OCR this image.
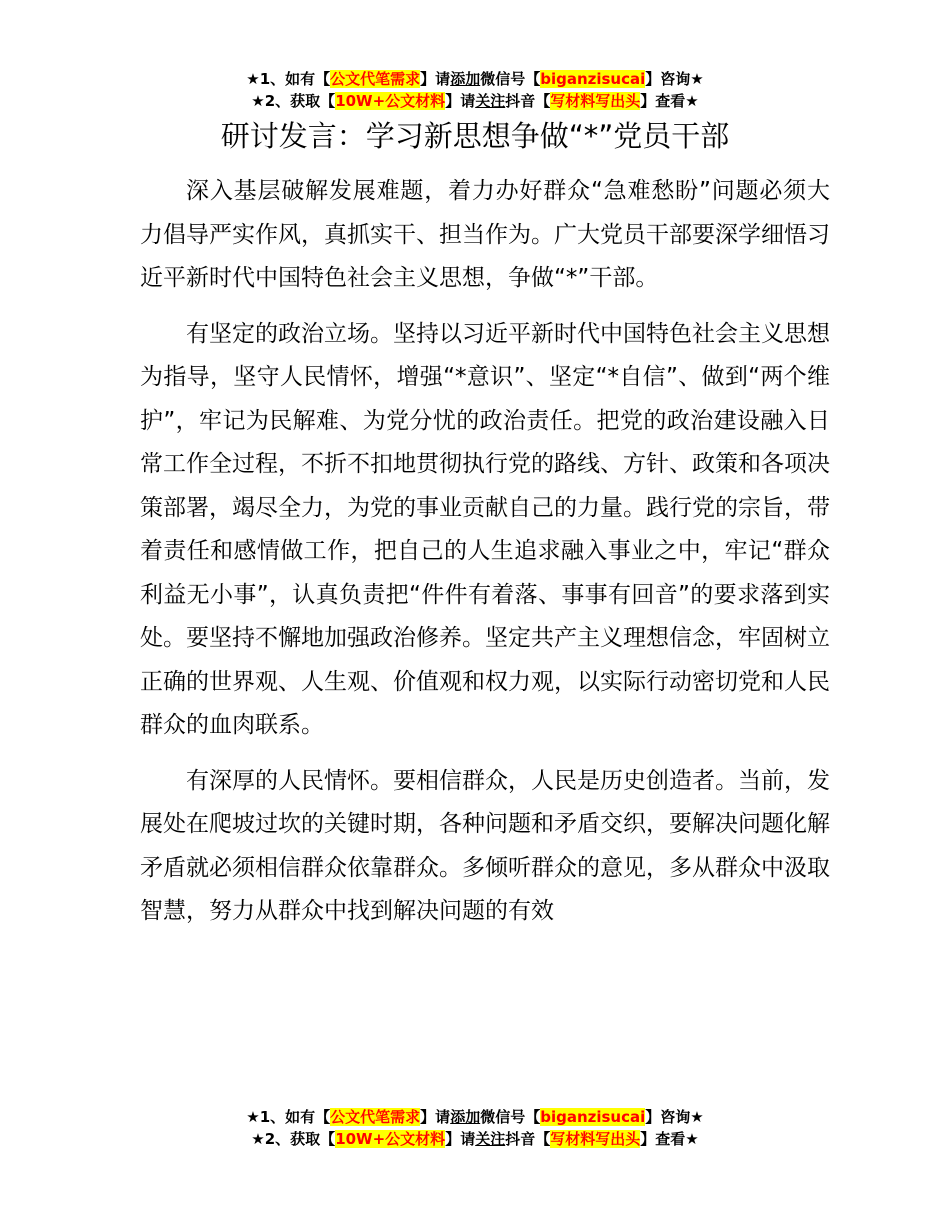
★1、如有【公文代笔需求】请添加微信号【biganzisucai】咨询★
★2、获取【10W+公文材料】请关注抖音【写材料写出头】查看★
研讨发言：学习新思想争做“*”党员干部

深入基层破解发展难题，着力办好群众“急难愁盼”问题必须大力倡导严实作风，真抓实干、担当作为。广大党员干部要深学细悟习近平新时代中国特色社会主义思想，争做“*”干部。

有坚定的政治立场。坚持以习近平新时代中国特色社会主义思想为指导，坚守人民情怀，增强“*意识”、坚定“*自信”、做到“两个维护”，牢记为民解难、为党分忧的政治责任。把党的政治建设融入日常工作全过程，不折不扣地贯彻执行党的路线、方针、政策和各项决策部署，竭尽全力，为党的事业贡献自己的力量。践行党的宗旨，带着责任和感情做工作，把自己的人生追求融入事业之中，牢记“群众利益无小事”，认真负责把“件件有着落、事事有回音”的要求落到实处。要坚持不懈地加强政治修养。坚定共产主义理想信念，牢固树立正确的世界观、人生观、价值观和权力观，以实际行动密切党和人民群众的血肉联系。

有深厚的人民情怀。要相信群众，人民是历史创造者。当前，发展处在爬坡过坎的关键时期，各种问题和矛盾交织，要解决问题化解矛盾就必须相信群众依靠群众。多倾听群众的意见，多从群众中汲取智慧，努力从群众中找到解决问题的有效

★1、如有【公文代笔需求】请添加微信号【biganzisucai】咨询★
★2、获取【10W+公文材料】请关注抖音【写材料写出头】查看★
